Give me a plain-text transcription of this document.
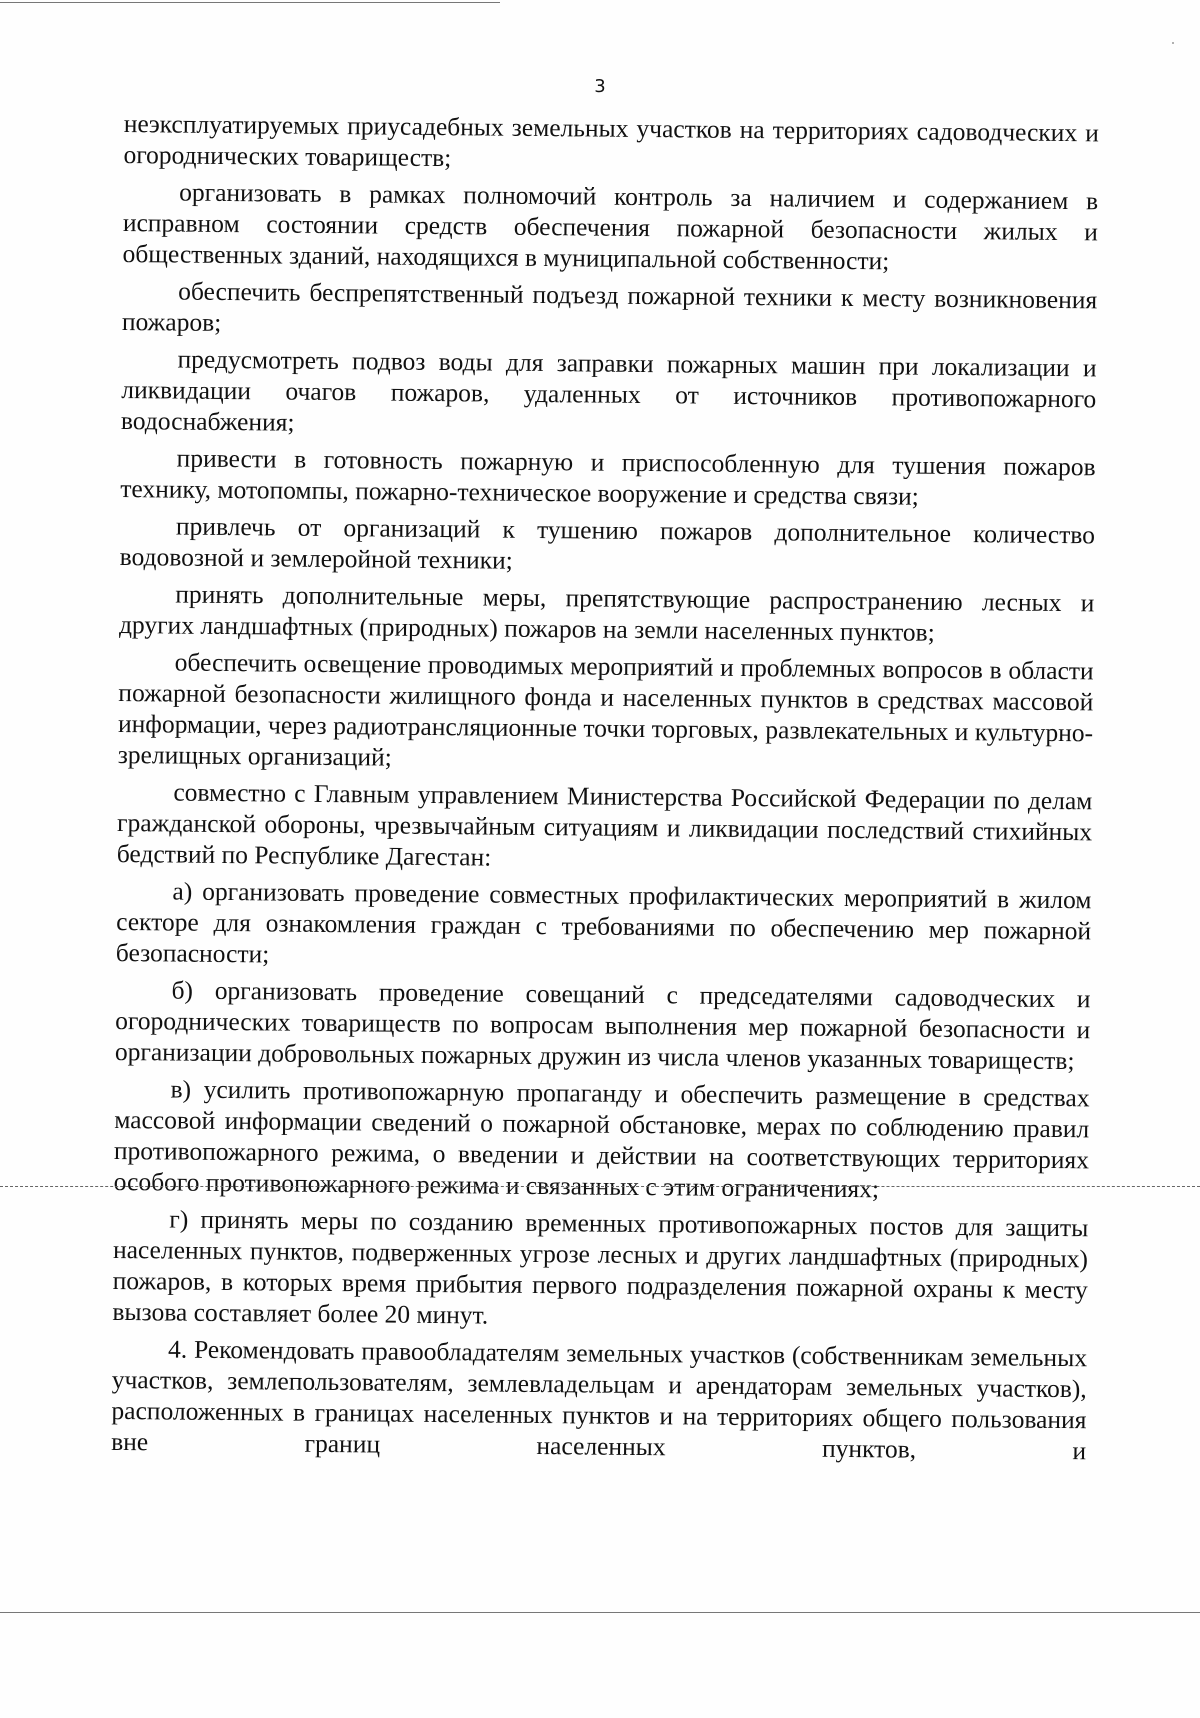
3

неэксплуатируемых приусадебных земельных участков на территориях садоводческих и огороднических товариществ;

организовать в рамках полномочий контроль за наличием и содержанием в исправном состоянии средств обеспечения пожарной безопасности жилых и общественных зданий, находящихся в муниципальной собственности;

обеспечить беспрепятственный подъезд пожарной техники к месту возникновения пожаров;

предусмотреть подвоз воды для заправки пожарных машин при локализации и ликвидации очагов пожаров, удаленных от источников противопожарного водоснабжения;

привести в готовность пожарную и приспособленную для тушения пожаров технику, мотопомпы, пожарно-техническое вооружение и средства связи;

привлечь от организаций к тушению пожаров дополнительное количество водовозной и землеройной техники;

принять дополнительные меры, препятствующие распространению лесных и других ландшафтных (природных) пожаров на земли населенных пунктов;

обеспечить освещение проводимых мероприятий и проблемных вопросов в области пожарной безопасности жилищного фонда и населенных пунктов в средствах массовой информации, через радиотрансляционные точки торговых, развлекательных и культурно-зрелищных организаций;

совместно с Главным управлением Министерства Российской Федерации по делам гражданской обороны, чрезвычайным ситуациям и ликвидации последствий стихийных бедствий по Республике Дагестан:

а) организовать проведение совместных профилактических мероприятий в жилом секторе для ознакомления граждан с требованиями по обеспечению мер пожарной безопасности;

б) организовать проведение совещаний с председателями садоводческих и огороднических товариществ по вопросам выполнения мер пожарной безопасности и организации добровольных пожарных дружин из числа членов указанных товариществ;

в) усилить противопожарную пропаганду и обеспечить размещение в средствах массовой информации сведений о пожарной обстановке, мерах по соблюдению правил противопожарного режима, о введении и действии на соответствующих территориях особого противопожарного режима и связанных с этим ограничениях;

г) принять меры по созданию временных противопожарных постов для защиты населенных пунктов, подверженных угрозе лесных и других ландшафтных (природных) пожаров, в которых время прибытия первого подразделения пожарной охраны к месту вызова составляет более 20 минут.

4. Рекомендовать правообладателям земельных участков (собственникам земельных участков, землепользователям, землевладельцам и арендаторам земельных участков), расположенных в границах населенных пунктов и на территориях общего пользования вне границ населенных пунктов, и
